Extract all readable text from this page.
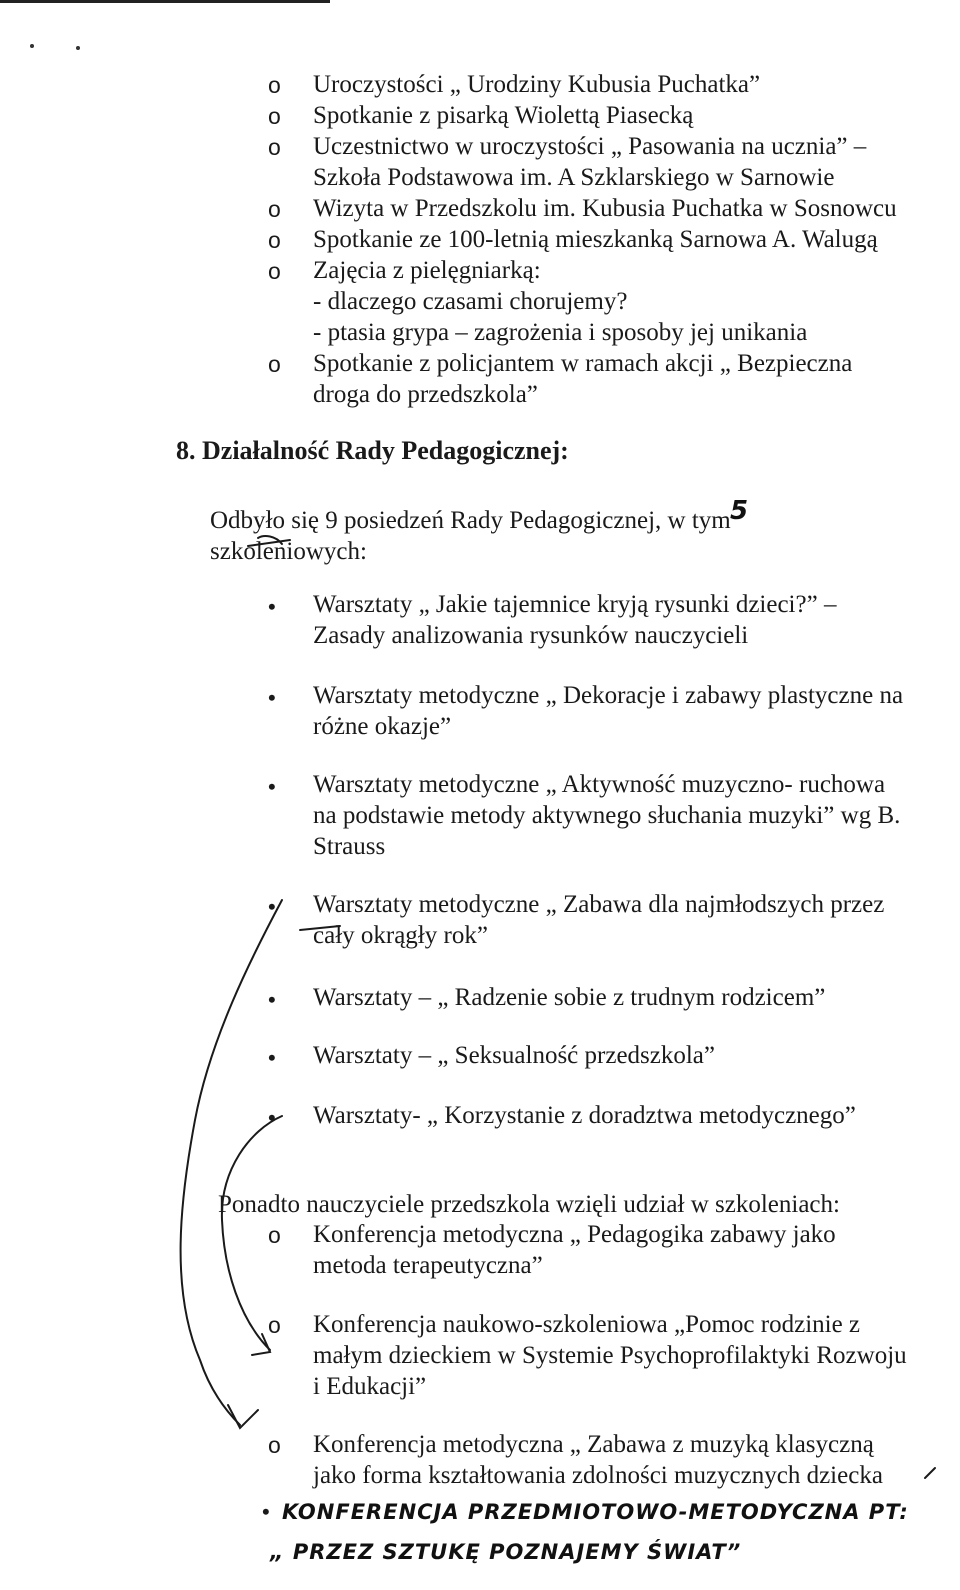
o Uroczystości „ Urodziny Kubusia Puchatka”
o Spotkanie z pisarką Wiolettą Piasecką
o Uczestnictwo w uroczystości „ Pasowania na ucznia” –
Szkoła Podstawowa im. A Szklarskiego w Sarnowie
o Wizyta w Przedszkolu im. Kubusia Puchatka w Sosnowcu
o Spotkanie ze 100-letnią mieszkanką Sarnowa A. Walugą
o Zajęcia z pielęgniarką:
- dlaczego czasami chorujemy?
- ptasia grypa – zagrożenia i sposoby jej unikania
o Spotkanie z policjantem w ramach akcji „ Bezpieczna
droga do przedszkola”
8. Działalność Rady Pedagogicznej:
Odbyło się 9 posiedzeń Rady Pedagogicznej, w tym
szkoleniowych:
5
• Warsztaty „ Jakie tajemnice kryją rysunki dzieci?” –
Zasady analizowania rysunków nauczycieli
• Warsztaty metodyczne „ Dekoracje i zabawy plastyczne na
różne okazje”
• Warsztaty metodyczne „ Aktywność muzyczno- ruchowa
na podstawie metody aktywnego słuchania muzyki” wg B.
Strauss
• Warsztaty metodyczne „ Zabawa dla najmłodszych przez
cały okrągły rok”
• Warsztaty – „ Radzenie sobie z trudnym rodzicem”
• Warsztaty – „ Seksualność przedszkola”
• Warsztaty- „ Korzystanie z doradztwa metodycznego”
Ponadto nauczyciele przedszkola wzięli udział w szkoleniach:
o Konferencja metodyczna „ Pedagogika zabawy jako
metoda terapeutyczna”
o Konferencja naukowo-szkoleniowa „Pomoc rodzinie z
małym dzieckiem w Systemie Psychoprofilaktyki Rozwoju
i Edukacji”
o Konferencja metodyczna „ Zabawa z muzyką klasyczną
jako forma kształtowania zdolności muzycznych dziecka
• KONFERENCJA PRZEDMIOTOWO-METODYCZNA PT:
„ PRZEZ SZTUKĘ POZNAJEMY ŚWIAT”
